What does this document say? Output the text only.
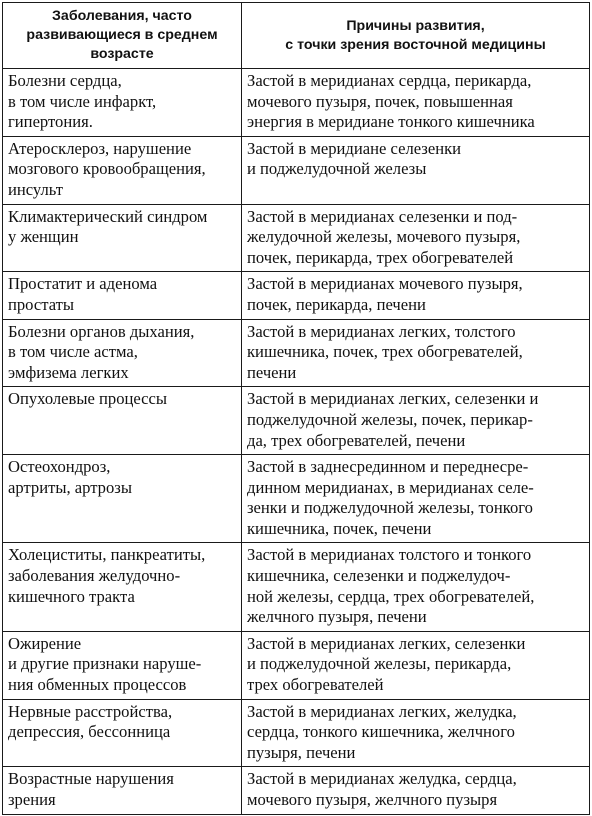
Заболевания, часто
развивающиеся в среднем
возрасте	Причины развития,
с точки зрения восточной медицины

Болезни сердца,
в том числе инфаркт,
гипертония.	Застой в меридианах сердца, перикарда,
мочевого пузыря, почек, повышенная
энергия в меридиане тонкого кишечника

Атеросклероз, нарушение
мозгового кровообращения,
инсульт	Застой в меридиане селезенки
и поджелудочной железы

Климактерический синдром
у женщин	Застой в меридианах селезенки и под-
желудочной железы, мочевого пузыря,
почек, перикарда, трех обогревателей

Простатит и аденома
простаты	Застой в меридианах мочевого пузыря,
почек, перикарда, печени

Болезни органов дыхания,
в том числе астма,
эмфизема легких	Застой в меридианах легких, толстого
кишечника, почек, трех обогревателей,
печени

Опухолевые процессы	Застой в меридианах легких, селезенки и
поджелудочной железы, почек, перикар-
да, трех обогревателей, печени

Остеохондроз,
артриты, артрозы	Застой в заднесрединном и переднесре-
динном меридианах, в меридианах селе-
зенки и поджелудочной железы, тонкого
кишечника, почек, печени

Холециститы, панкреатиты,
заболевания желудочно-
кишечного тракта	Застой в меридианах толстого и тонкого
кишечника, селезенки и поджелудоч-
ной железы, сердца, трех обогревателей,
желчного пузыря, печени

Ожирение
и другие признаки наруше-
ния обменных процессов	Застой в меридианах легких, селезенки
и поджелудочной железы, перикарда,
трех обогревателей

Нервные расстройства,
депрессия, бессонница	Застой в меридианах легких, желудка,
сердца, тонкого кишечника, желчного
пузыря, печени

Возрастные нарушения
зрения	Застой в меридианах желудка, сердца,
мочевого пузыря, желчного пузыря
